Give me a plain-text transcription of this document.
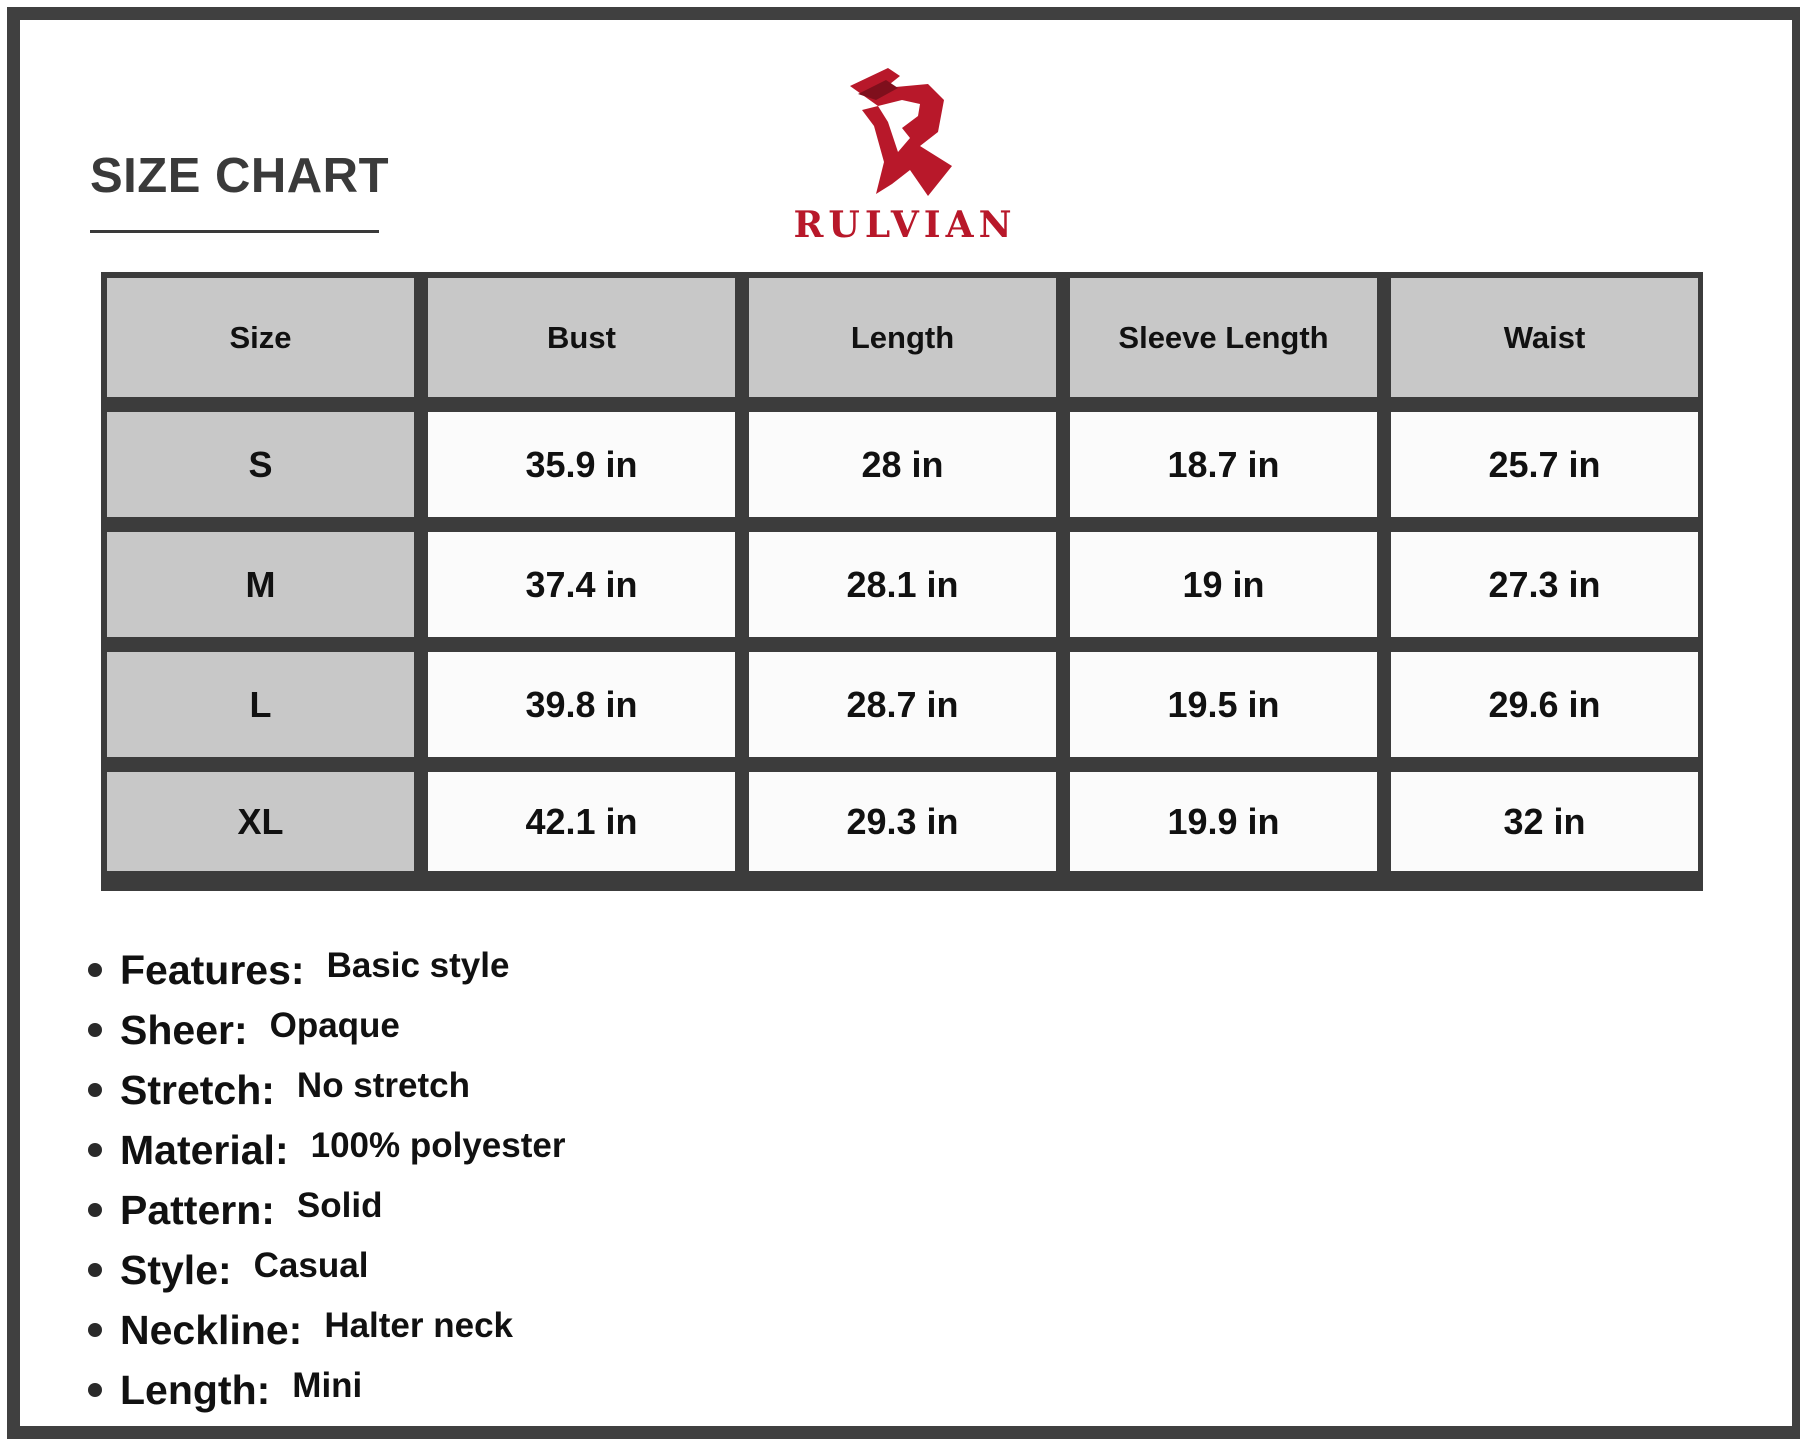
SIZE CHART
RULVIAN
Size	Bust	Length	Sleeve Length	Waist
S	35.9 in	28 in	18.7 in	25.7 in
M	37.4 in	28.1 in	19 in	27.3 in
L	39.8 in	28.7 in	19.5 in	29.6 in
XL	42.1 in	29.3 in	19.9 in	32 in
Features: Basic style
Sheer: Opaque
Stretch: No stretch
Material: 100% polyester
Pattern: Solid
Style: Casual
Neckline: Halter neck
Length: Mini
